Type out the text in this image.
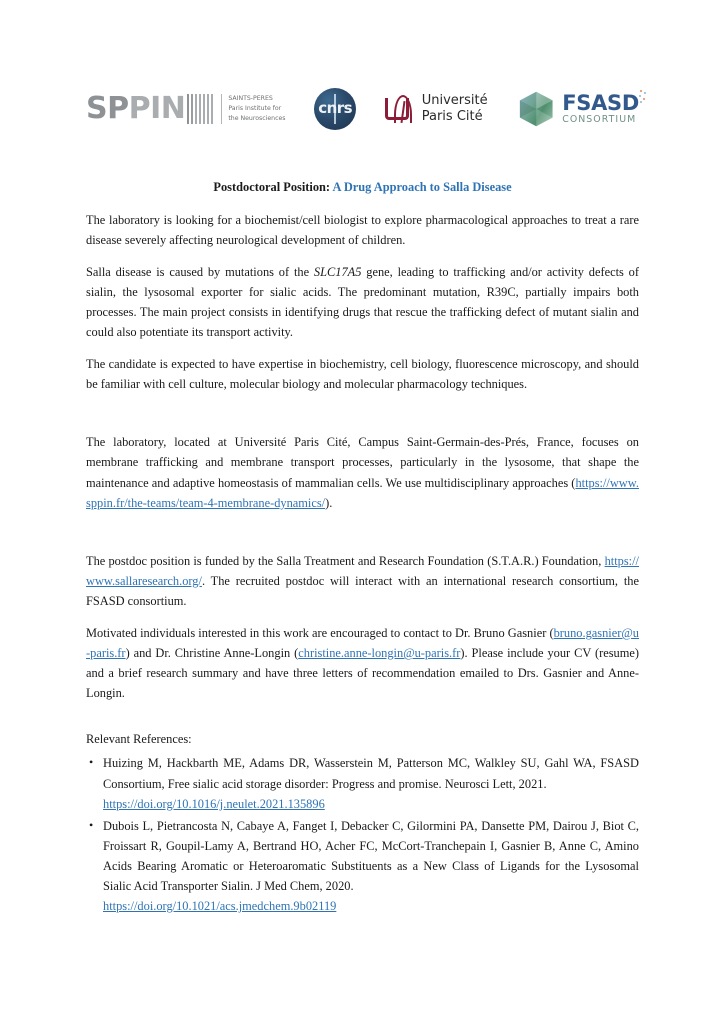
SPPIN	SAINTS-PERES
Paris Institute for
the Neurosciences
cnrs	Université
Paris Cité
FSASD
CONSORTIUM
Postdoctoral Position: A Drug Approach to Salla Disease

The laboratory is looking for a biochemist/cell biologist to explore pharmacological approaches to treat a rare disease severely affecting neurological development of children.

Salla disease is caused by mutations of the SLC17A5 gene, leading to trafficking and/or activity defects of sialin, the lysosomal exporter for sialic acids. The predominant mutation, R39C, partially impairs both processes. The main project consists in identifying drugs that rescue the trafficking defect of mutant sialin and could also potentiate its transport activity.

The candidate is expected to have expertise in biochemistry, cell biology, fluorescence microscopy, and should be familiar with cell culture, molecular biology and molecular pharmacology techniques.

The laboratory, located at Université Paris Cité, Campus Saint-Germain-des-Prés, France, focuses on membrane trafficking and membrane transport processes, particularly in the lysosome, that shape the maintenance and adaptive homeostasis of mammalian cells. We use multidisciplinary approaches (https://www.sppin.fr/the-teams/team-4-membrane-dynamics/).

The postdoc position is funded by the Salla Treatment and Research Foundation (S.T.A.R.) Foundation, https://www.sallaresearch.org/. The recruited postdoc will interact with an international research consortium, the FSASD consortium.

Motivated individuals interested in this work are encouraged to contact to Dr. Bruno Gasnier (bruno.gasnier@u-paris.fr) and Dr. Christine Anne-Longin (christine.anne-longin@u-paris.fr). Please include your CV (resume) and a brief research summary and have three letters of recommendation emailed to Drs. Gasnier and Anne-Longin.

Relevant References:

• Huizing M, Hackbarth ME, Adams DR, Wasserstein M, Patterson MC, Walkley SU, Gahl WA, FSASD Consortium, Free sialic acid storage disorder: Progress and promise. Neurosci Lett, 2021.
https://doi.org/10.1016/j.neulet.2021.135896
• Dubois L, Pietrancosta N, Cabaye A, Fanget I, Debacker C, Gilormini PA, Dansette PM, Dairou J, Biot C, Froissart R, Goupil-Lamy A, Bertrand HO, Acher FC, McCort-Tranchepain I, Gasnier B, Anne C, Amino Acids Bearing Aromatic or Heteroaromatic Substituents as a New Class of Ligands for the Lysosomal Sialic Acid Transporter Sialin. J Med Chem, 2020.
https://doi.org/10.1021/acs.jmedchem.9b02119
